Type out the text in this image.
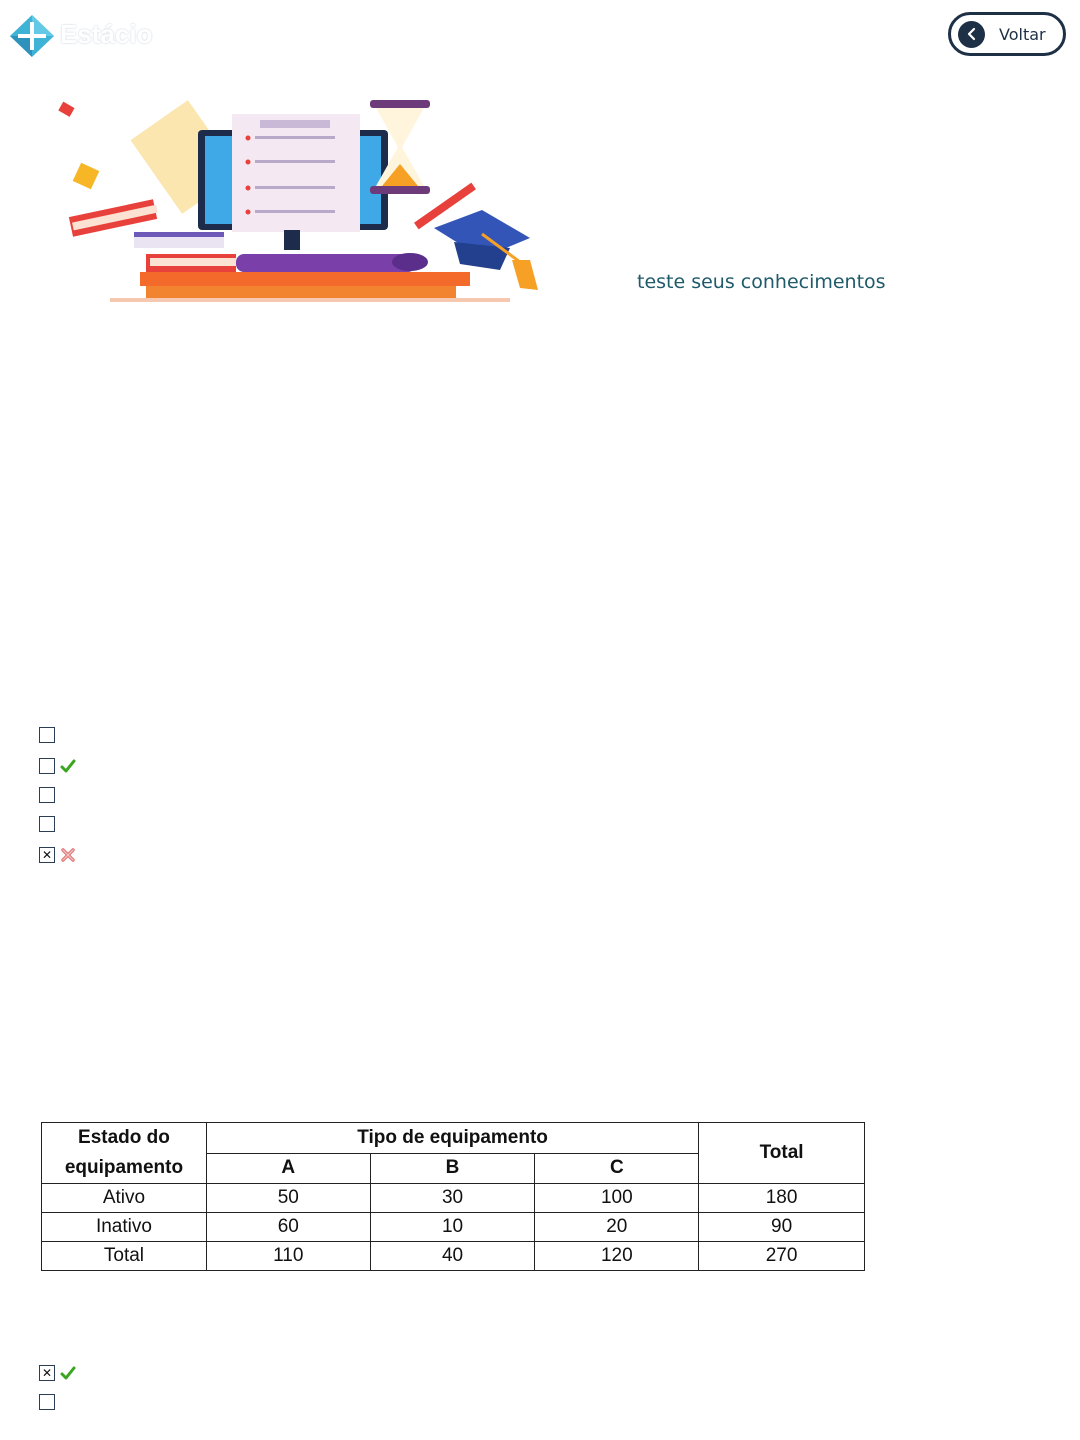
Estácio	Voltar
teste seus conhecimentos
✕
Estado do
equipamento	Tipo de equipamento			Total
	A	B	C	
Ativo	50	30	100	180
Inativo	60	10	20	90
Total	110	40	120	270
✕
